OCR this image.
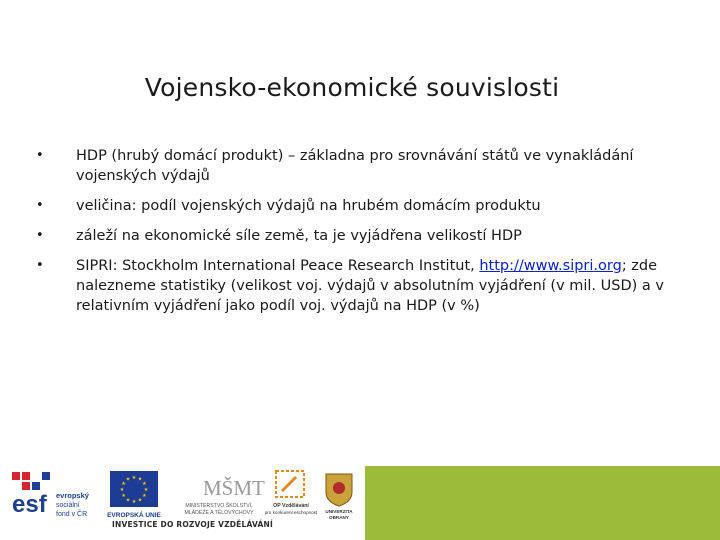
Vojensko-ekonomické souvislosti
• HDP (hrubý domácí produkt) – základna pro srovnávání států ve vynakládání vojenských výdajů
• veličina: podíl vojenských výdajů na hrubém domácím produktu
• záleží na ekonomické síle země, ta je vyjádřena velikostí HDP
• SIPRI: Stockholm International Peace Research Institut, http://www.sipri.org; zde nalezneme statistiky (velikost voj. výdajů v absolutním vyjádření (v mil. USD) a v relativním vyjádření jako podíl voj. výdajů na HDP (v %)
esf evropský
sociální
fond v ČR
★ ★
★
★
★
★
★
★
★
★
★
★
EVROPSKÁ UNIE
MŠMT
MINISTERSTVO ŠKOLSTVÍ,
MLÁDEŽE A TĚLOVÝCHOVY
OP Vzdělávání
pro konkurenceschopnost UNIVERZITA
OBRANY
INVESTICE DO ROZVOJE VZDĚLÁVÁNÍ
